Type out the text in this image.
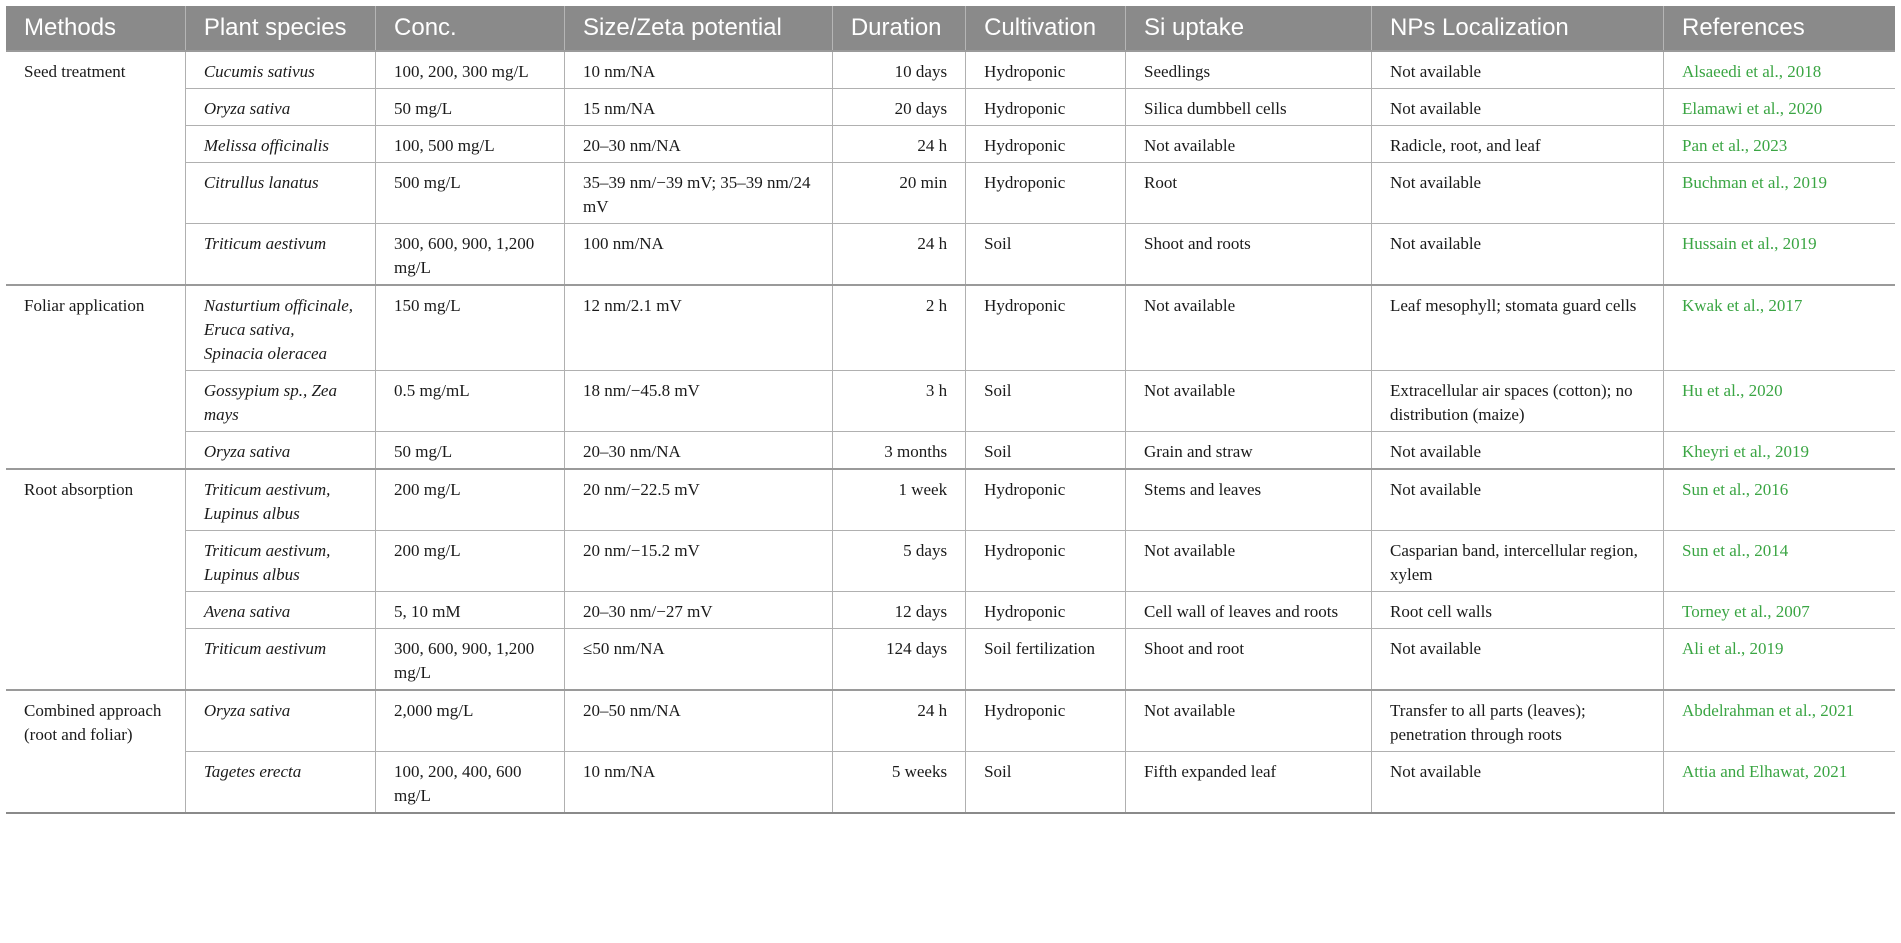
Methods	Plant species	Conc.	Size/Zeta potential	Duration	Cultivation	Si uptake	NPs Localization	References
Seed treatment	Cucumis sativus	100, 200, 300 mg/L	10 nm/NA	10 days	Hydroponic	Seedlings	Not available	Alsaeedi et al., 2018
	Oryza sativa	50 mg/L	15 nm/NA	20 days	Hydroponic	Silica dumbbell cells	Not available	Elamawi et al., 2020
	Melissa officinalis	100, 500 mg/L	20–30 nm/NA	24 h	Hydroponic	Not available	Radicle, root, and leaf	Pan et al., 2023
	Citrullus lanatus	500 mg/L	35–39 nm/−39 mV; 35–39 nm/24 mV	20 min	Hydroponic	Root	Not available	Buchman et al., 2019
	Triticum aestivum	300, 600, 900, 1,200 mg/L	100 nm/NA	24 h	Soil	Shoot and roots	Not available	Hussain et al., 2019
Foliar application	Nasturtium officinale, Eruca sativa, Spinacia oleracea	150 mg/L	12 nm/2.1 mV	2 h	Hydroponic	Not available	Leaf mesophyll; stomata guard cells	Kwak et al., 2017
	Gossypium sp., Zea mays	0.5 mg/mL	18 nm/−45.8 mV	3 h	Soil	Not available	Extracellular air spaces (cotton); no distribution (maize)	Hu et al., 2020
	Oryza sativa	50 mg/L	20–30 nm/NA	3 months	Soil	Grain and straw	Not available	Kheyri et al., 2019
Root absorption	Triticum aestivum, Lupinus albus	200 mg/L	20 nm/−22.5 mV	1 week	Hydroponic	Stems and leaves	Not available	Sun et al., 2016
	Triticum aestivum, Lupinus albus	200 mg/L	20 nm/−15.2 mV	5 days	Hydroponic	Not available	Casparian band, intercellular region, xylem	Sun et al., 2014
	Avena sativa	5, 10 mM	20–30 nm/−27 mV	12 days	Hydroponic	Cell wall of leaves and roots	Root cell walls	Torney et al., 2007
	Triticum aestivum	300, 600, 900, 1,200 mg/L	≤50 nm/NA	124 days	Soil fertilization	Shoot and root	Not available	Ali et al., 2019
Combined approach (root and foliar)	Oryza sativa	2,000 mg/L	20–50 nm/NA	24 h	Hydroponic	Not available	Transfer to all parts (leaves); penetration through roots	Abdelrahman et al., 2021
	Tagetes erecta	100, 200, 400, 600 mg/L	10 nm/NA	5 weeks	Soil	Fifth expanded leaf	Not available	Attia and Elhawat, 2021
